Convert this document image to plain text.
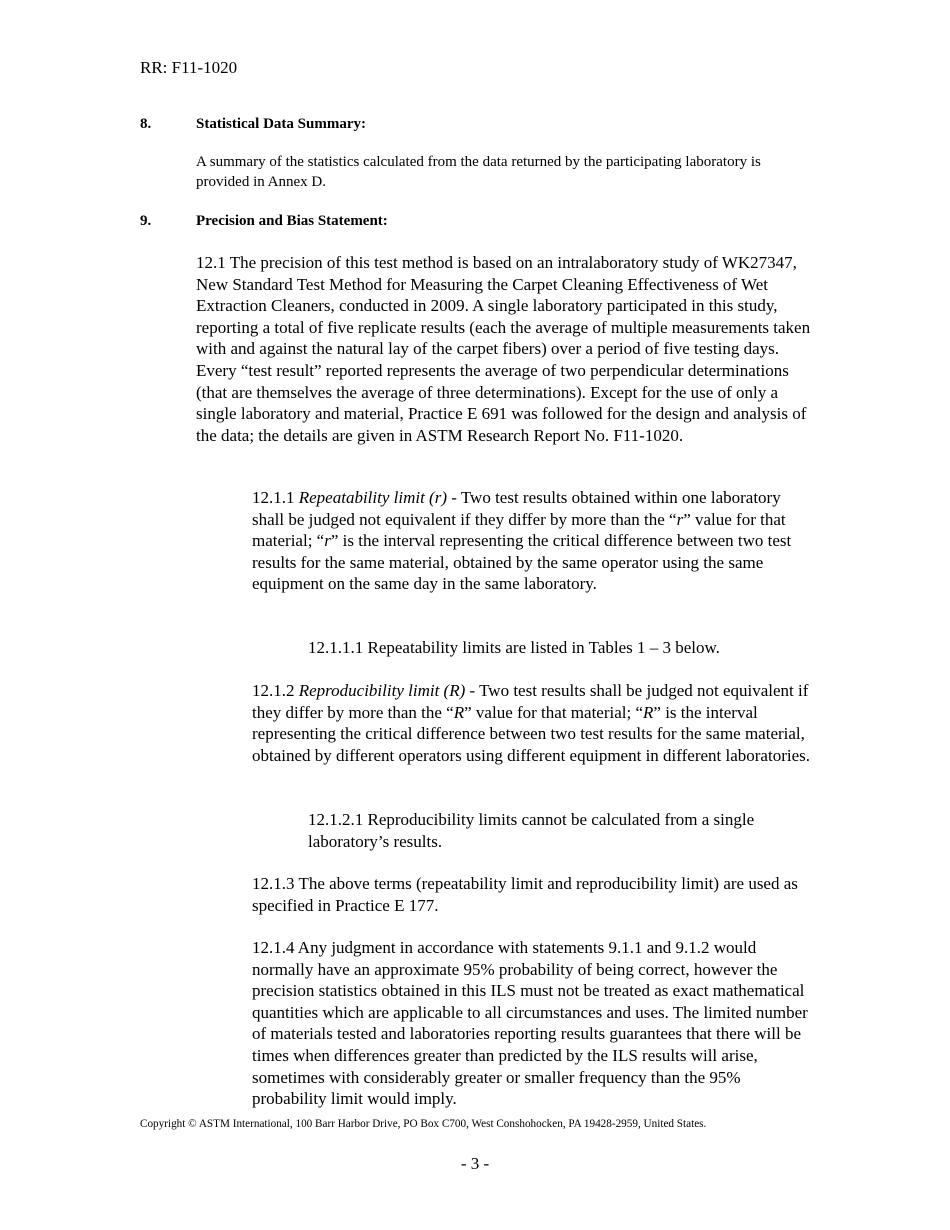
RR: F11-1020
8.	Statistical Data Summary:
A summary of the statistics calculated from the data returned by the participating laboratory is provided in Annex D.
9.	Precision and Bias Statement:
12.1 The precision of this test method is based on an intralaboratory study of WK27347, New Standard Test Method for Measuring the Carpet Cleaning Effectiveness of Wet Extraction Cleaners, conducted in 2009. A single laboratory participated in this study, reporting a total of five replicate results (each the average of multiple measurements taken with and against the natural lay of the carpet fibers) over a period of five testing days. Every “test result” reported represents the average of two perpendicular determinations (that are themselves the average of three determinations). Except for the use of only a single laboratory and material, Practice E 691 was followed for the design and analysis of the data; the details are given in ASTM Research Report No. F11-1020.
12.1.1 Repeatability limit (r) - Two test results obtained within one laboratory shall be judged not equivalent if they differ by more than the “r” value for that material; “r” is the interval representing the critical difference between two test results for the same material, obtained by the same operator using the same equipment on the same day in the same laboratory.
12.1.1.1 Repeatability limits are listed in Tables 1 – 3 below.
12.1.2 Reproducibility limit (R) - Two test results shall be judged not equivalent if they differ by more than the “R” value for that material; “R” is the interval representing the critical difference between two test results for the same material, obtained by different operators using different equipment in different laboratories.
12.1.2.1 Reproducibility limits cannot be calculated from a single laboratory’s results.
12.1.3 The above terms (repeatability limit and reproducibility limit) are used as specified in Practice E 177.
12.1.4 Any judgment in accordance with statements 9.1.1 and 9.1.2 would normally have an approximate 95% probability of being correct, however the precision statistics obtained in this ILS must not be treated as exact mathematical quantities which are applicable to all circumstances and uses. The limited number of materials tested and laboratories reporting results guarantees that there will be times when differences greater than predicted by the ILS results will arise, sometimes with considerably greater or smaller frequency than the 95% probability limit would imply.
Copyright © ASTM International, 100 Barr Harbor Drive, PO Box C700, West Conshohocken, PA 19428-2959, United States.
- 3 -
